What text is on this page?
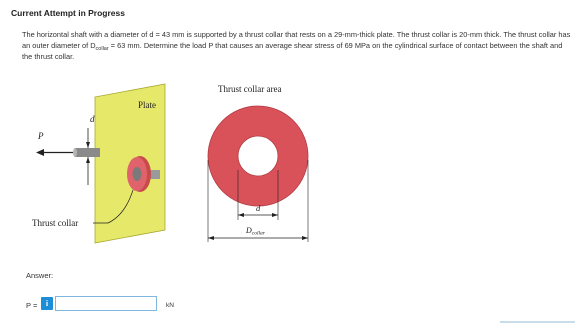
Current Attempt in Progress
The horizontal shaft with a diameter of d = 43 mm is supported by a thrust collar that rests on a 29-mm-thick plate. The thrust collar is 20-mm thick. The thrust collar has an outer diameter of $D_{collar} = 63$ mm. Determine the load P that causes an average shear stress of 69 MPa on the cylindrical surface of contact between the shaft and the thrust collar.
P
d
Plate
Thrust collar
Thrust collar area
d
Dcollar
Answer:
P =	i	kN
